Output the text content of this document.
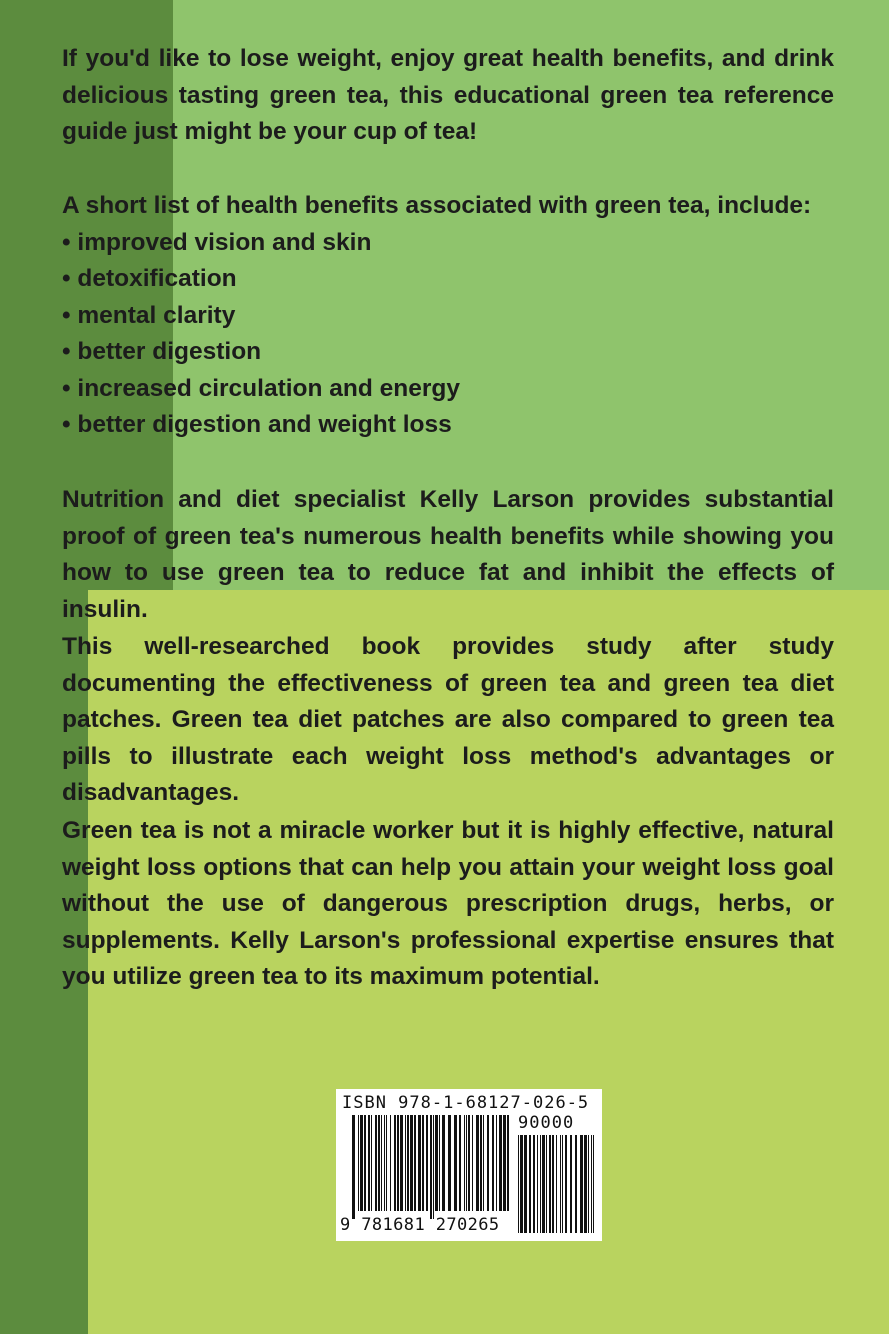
If you'd like to lose weight, enjoy great health benefits, and drink delicious tasting green tea, this educational green tea reference guide just might be your cup of tea!

A short list of health benefits associated with green tea, include:
• improved vision and skin
• detoxification
• mental clarity
• better digestion
• increased circulation and energy
• better digestion and weight loss

Nutrition and diet specialist Kelly Larson provides substantial proof of green tea's numerous health benefits while showing you how to use green tea to reduce fat and inhibit the effects of insulin.

This well-researched book provides study after study documenting the effectiveness of green tea and green tea diet patches. Green tea diet patches are also compared to green tea pills to illustrate each weight loss method's advantages or disadvantages.

Green tea is not a miracle worker but it is highly effective, natural weight loss options that can help you attain your weight loss goal without the use of dangerous prescription drugs, herbs, or supplements. Kelly Larson's professional expertise ensures that you utilize green tea to its maximum potential.

ISBN 978-1-68127-026-5
90000
9 781681 270265
